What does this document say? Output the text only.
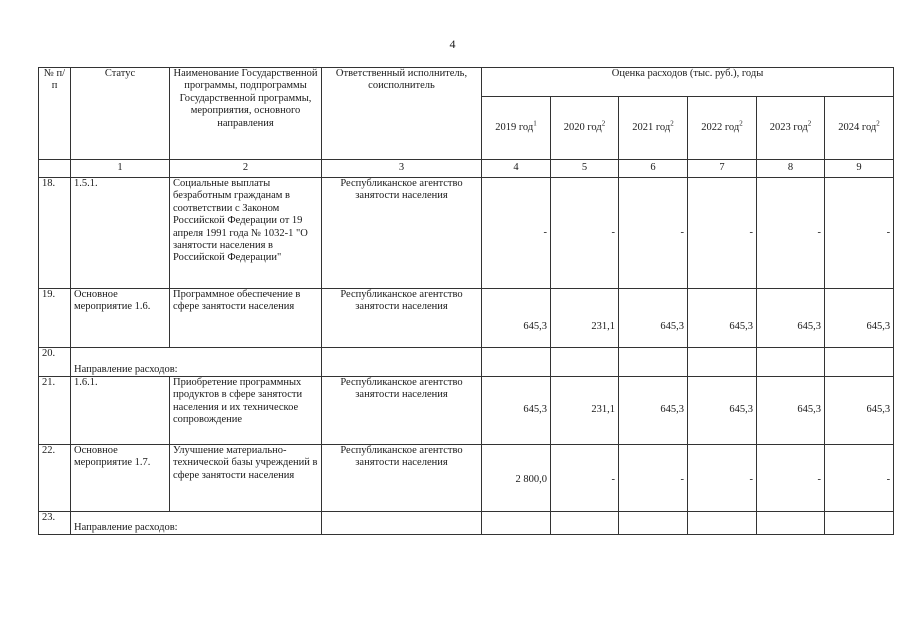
4
№ п/п	Статус	Наименование Государственной программы, подпрограммы Государственной программы, мероприятия, основного направления	Ответственный исполнитель, соисполнитель	Оценка расходов (тыс. руб.), годы					
				2019 год$^1$	2020 год$^2$	2021 год$^2$	2022 год$^2$	2023 год$^2$	2024 год$^2$
	1	2	3	4	5	6	7	8	9
18.	1.5.1.	Социальные выплаты безработным гражданам в соответствии с Законом Российской Федерации от 19 апреля 1991 года № 1032-1 "О занятости населения в Российской Федерации"	Республиканское агентство занятости населения	-	-	-	-	-	-
19.	Основное мероприятие 1.6.	Программное обеспечение в сфере занятости населения	Республиканское агентство занятости населения	645,3	231,1	645,3	645,3	645,3	645,3
20.	Направление расходов:								
21.	1.6.1.	Приобретение программных продуктов в сфере занятости населения и их техническое сопровождение	Республиканское агентство занятости населения	645,3	231,1	645,3	645,3	645,3	645,3
22.	Основное мероприятие 1.7.	Улучшение материально-технической базы учреждений в сфере занятости населения	Республиканское агентство занятости населения	2 800,0	-	-	-	-	-
23.	Направление расходов:								
